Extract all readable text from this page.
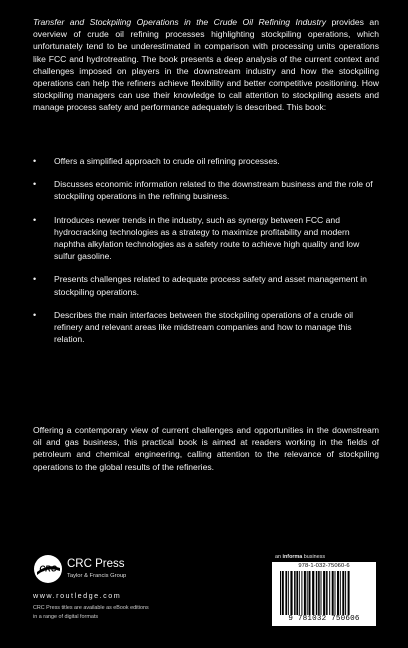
Transfer and Stockpiling Operations in the Crude Oil Refining Industry provides an overview of crude oil refining processes highlighting stockpiling operations, which unfortunately tend to be underestimated in comparison with processing units operations like FCC and hydrotreating. The book presents a deep analysis of the current context and challenges imposed on players in the downstream industry and how the stockpiling operations can help the refiners achieve flexibility and better competitive positioning. How stockpiling managers can use their knowledge to call attention to stockpiling assets and manage process safety and performance adequately is described. This book:

• Offers a simplified approach to crude oil refining processes.
• Discusses economic information related to the downstream business and the role of stockpiling operations in the refining business.
• Introduces newer trends in the industry, such as synergy between FCC and hydrocracking technologies as a strategy to maximize profitability and modern naphtha alkylation technologies as a safety route to achieve high quality and low sulfur gasoline.
• Presents challenges related to adequate process safety and asset management in stockpiling operations.
• Describes the main interfaces between the stockpiling operations of a crude oil refinery and relevant areas like midstream companies and how to manage this relation.

Offering a contemporary view of current challenges and opportunities in the downstream oil and gas business, this practical book is aimed at readers working in the fields of petroleum and chemical engineering, calling attention to the relevance of stockpiling operations to the global results of the refineries.

an informa business
978-1-032-75060-6
9 781032 750606
CRC CRC Press
Taylor & Francis Group
www.routledge.com
CRC Press titles are available as eBook editions
in a range of digital formats
